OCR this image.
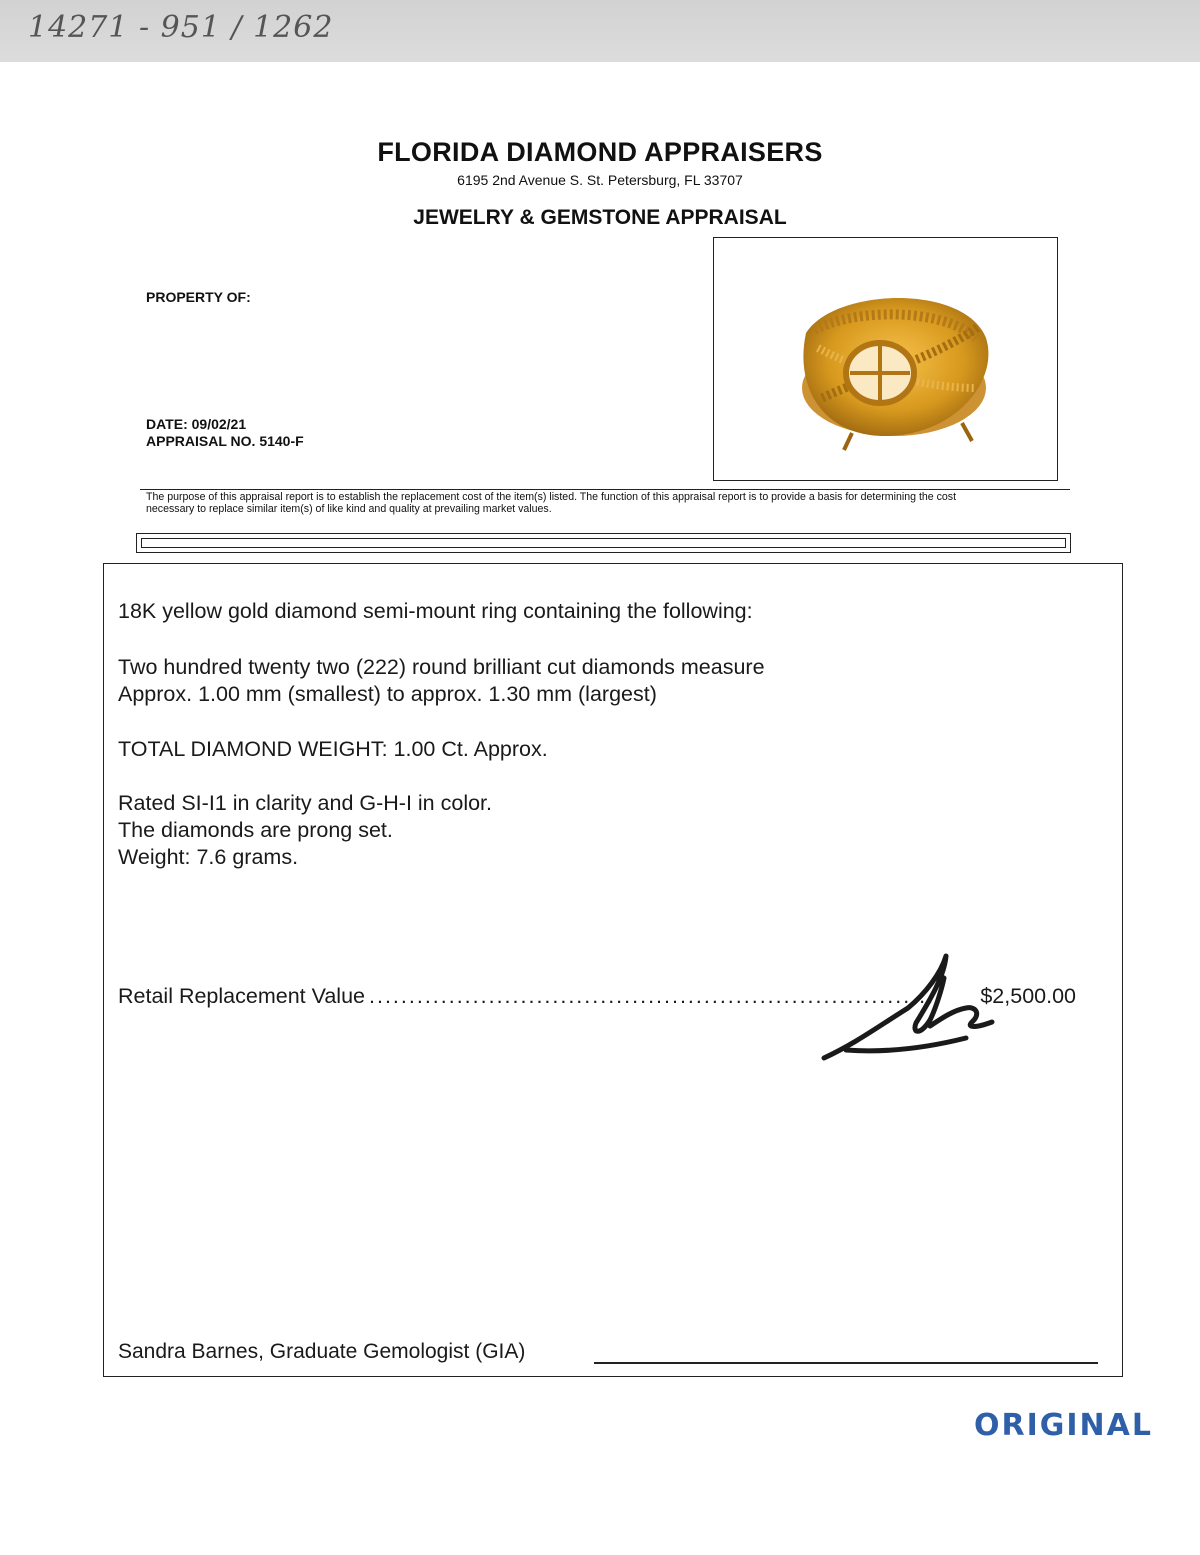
14271 - 951 / 1262
FLORIDA DIAMOND APPRAISERS
6195 2nd Avenue S. St. Petersburg, FL 33707
JEWELRY & GEMSTONE APPRAISAL
PROPERTY OF:
DATE: 09/02/21
APPRAISAL NO. 5140-F
The purpose of this appraisal report is to establish the replacement cost of the item(s) listed. The function of this appraisal report is to provide a basis for determining the cost
necessary to replace similar item(s) of like kind and quality at prevailing market values.
18K yellow gold diamond semi-mount ring containing the following:
Two hundred twenty two (222) round brilliant cut diamonds measure
Approx. 1.00 mm (smallest) to approx. 1.30 mm (largest)
TOTAL DIAMOND WEIGHT: 1.00 Ct. Approx.
Rated SI-I1 in clarity and G-H-I in color.
The diamonds are prong set.
Weight: 7.6 grams.
Retail Replacement Value ........................................................................	$2,500.00
Sandra Barnes, Graduate Gemologist (GIA)
ORIGINAL
